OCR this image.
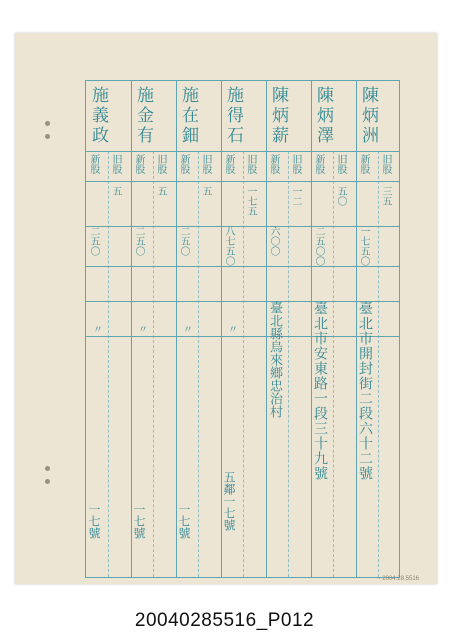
陳炳洲
旧股
新股
三五
一七五〇
臺北市開封街二段六十二號
陳炳澤
旧股
新股
五〇
二五〇〇
臺北市安東路一段三十九號
陳炳薪
旧股
新股
一二
六〇〇
臺北縣烏來鄉忠治村
施得石
旧股
新股
一七五
八七五〇
〃
五鄰一七號
施在鈿
旧股
新股
五
二五〇
〃
一七號
施金有
旧股
新股
五
二五〇
〃
一七號
施義政
旧股
新股
五
二五〇
〃
一七號
~ 2004.28.5516
20040285516_P012
